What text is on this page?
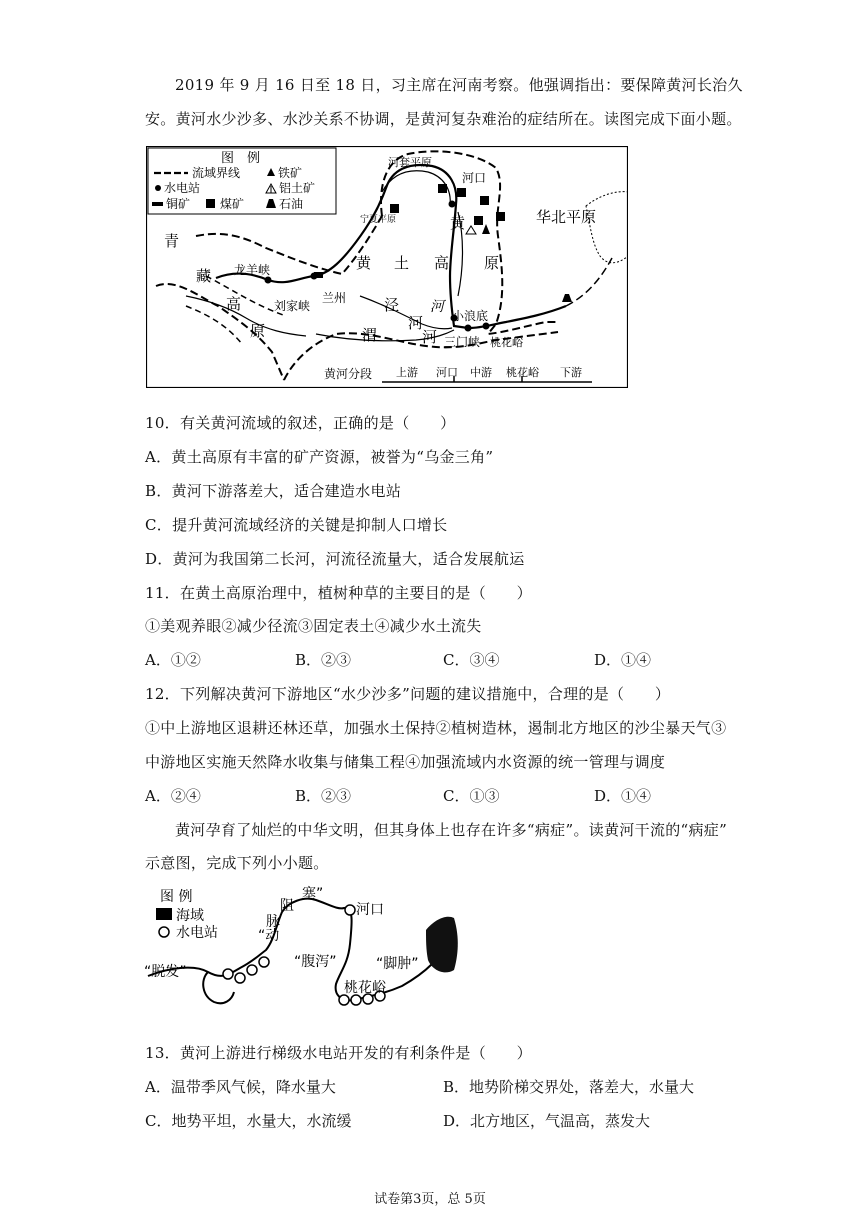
2019 年 9 月 16 日至 18 日，习主席在河南考察。他强调指出：要保障黄河长治久
安。黄河水少沙多、水沙关系不协调，是黄河复杂难治的症结所在。读图完成下面小题。
图　例
流域界线	铁矿
水电站	铝土矿
铜矿 煤矿	石油
青
藏
高
原
龙羊峡
刘家峡
兰州
黄 土 高 原
黄
河
泾
河
渭	河
河套平原
河口
宁夏平原
小浪底
三门峡 桃花峪
华北平原
黄河分段 上游 河口 中游 桃花峪 下游
10．有关黄河流域的叙述，正确的是（　　）
A．黄土高原有丰富的矿产资源，被誉为“乌金三角”
B．黄河下游落差大，适合建造水电站
C．提升黄河流域经济的关键是抑制人口增长
D．黄河为我国第二长河，河流径流量大，适合发展航运
11．在黄土高原治理中，植树种草的主要目的是（　　）
①美观养眼②减少径流③固定表土④减少水土流失
A．①②	B．②③	C．③④	D．①④
12．下列解决黄河下游地区“水少沙多”问题的建议措施中，合理的是（　　）
①中上游地区退耕还林还草，加强水土保持②植树造林，遏制北方地区的沙尘暴天气③
中游地区实施天然降水收集与储集工程④加强流域内水资源的统一管理与调度
A．②④	B．②③	C．①③	D．①④
黄河孕育了灿烂的中华文明，但其身体上也存在许多“病症”。读黄河干流的“病症”
示意图，完成下列小小题。
图 例
海域
水电站
“脱发”
“动
脉
阻
塞”
河口
“腹泻”	“脚肿”
桃花峪
13．黄河上游进行梯级水电站开发的有利条件是（　　）
A．温带季风气候，降水量大	B．地势阶梯交界处，落差大，水量大
C．地势平坦，水量大，水流缓	D．北方地区，气温高，蒸发大
试卷第3页，总 5页
